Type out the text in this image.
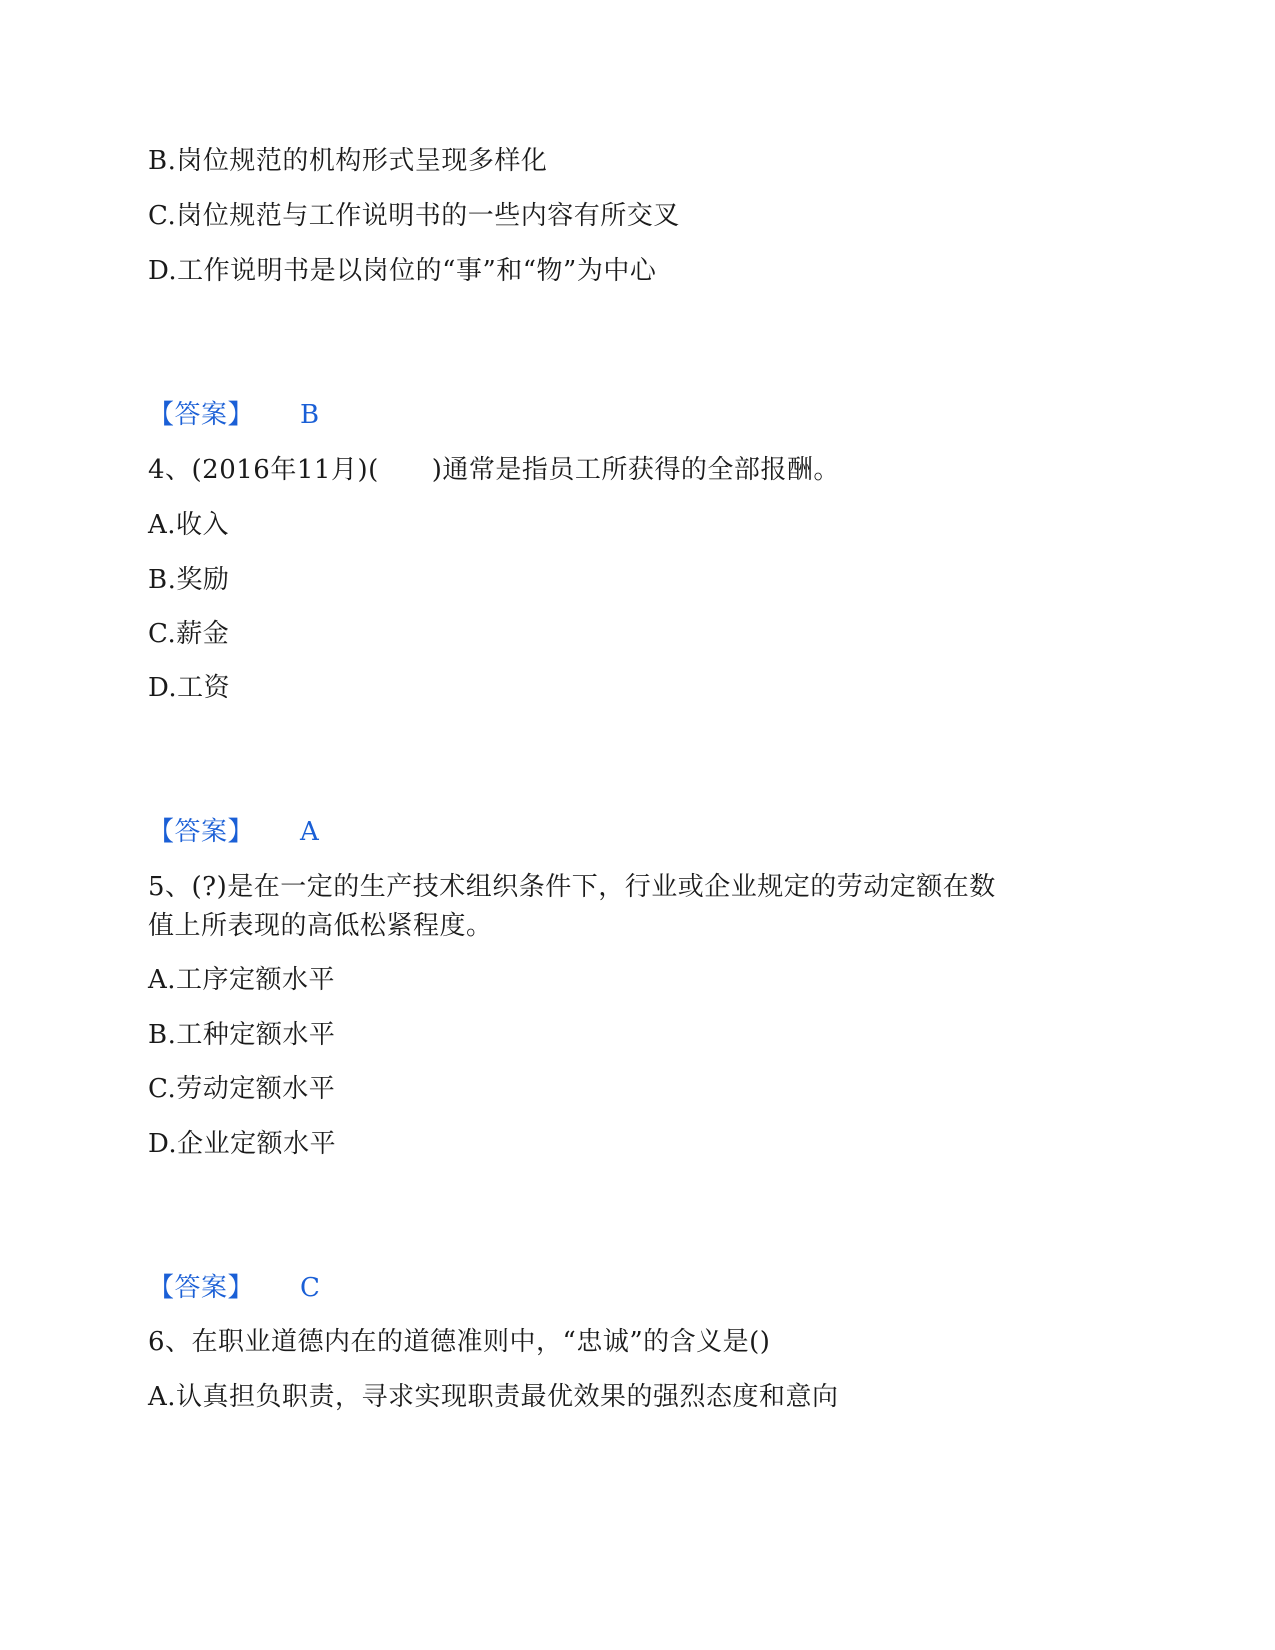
B.岗位规范的机构形式呈现多样化
C.岗位规范与工作说明书的一些内容有所交叉
D.工作说明书是以岗位的“事”和“物”为中心
【答案】 B
4、(2016年11月)(　　)通常是指员工所获得的全部报酬。
A.收入
B.奖励
C.薪金
D.工资
【答案】 A
5、(?)是在一定的生产技术组织条件下，行业或企业规定的劳动定额在数
值上所表现的高低松紧程度。
A.工序定额水平
B.工种定额水平
C.劳动定额水平
D.企业定额水平
【答案】 C
6、在职业道德内在的道德准则中，“忠诚”的含义是()
A.认真担负职责，寻求实现职责最优效果的强烈态度和意向
